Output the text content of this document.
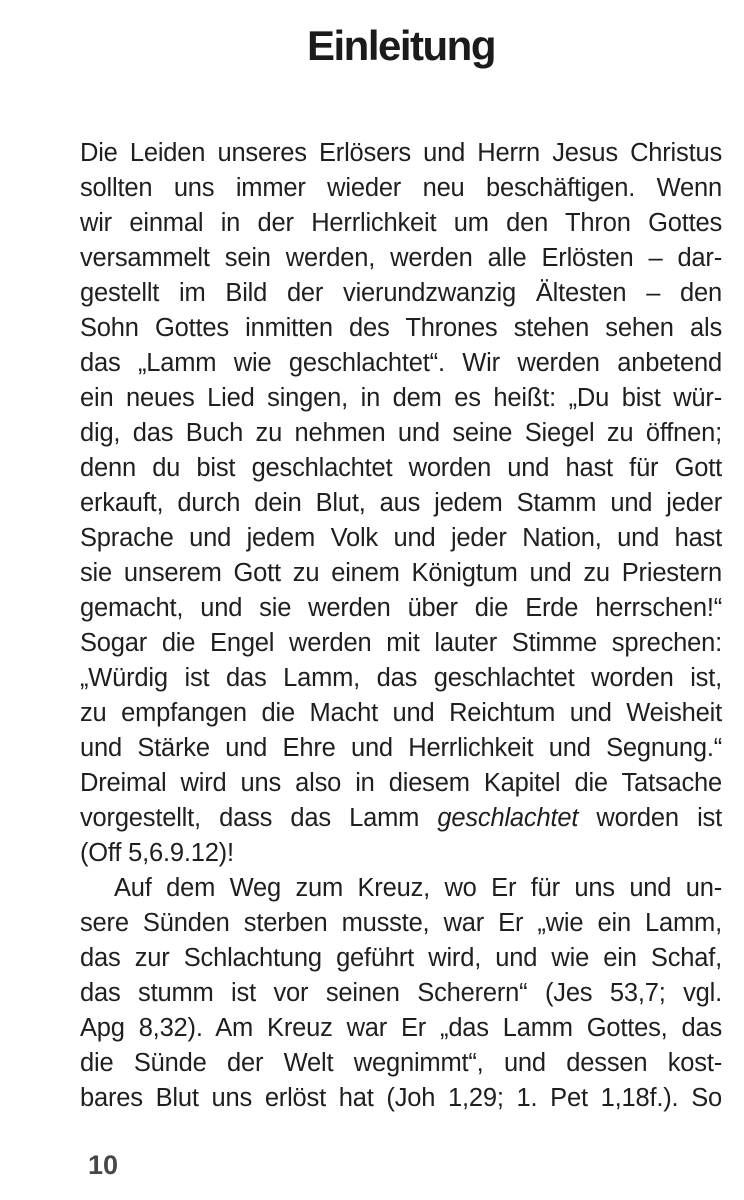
Einleitung
Die Leiden unseres Erlösers und Herrn Jesus Christus
sollten uns immer wieder neu beschäftigen. Wenn
wir einmal in der Herrlichkeit um den Thron Gottes
versammelt sein werden, werden alle Erlösten – dar-
gestellt im Bild der vierundzwanzig Ältesten – den
Sohn Gottes inmitten des Thrones stehen sehen als
das „Lamm wie geschlachtet“. Wir werden anbetend
ein neues Lied singen, in dem es heißt: „Du bist wür-
dig, das Buch zu nehmen und seine Siegel zu öffnen;
denn du bist geschlachtet worden und hast für Gott
erkauft, durch dein Blut, aus jedem Stamm und jeder
Sprache und jedem Volk und jeder Nation, und hast
sie unserem Gott zu einem Königtum und zu Priestern
gemacht, und sie werden über die Erde herrschen!“
Sogar die Engel werden mit lauter Stimme sprechen:
„Würdig ist das Lamm, das geschlachtet worden ist,
zu empfangen die Macht und Reichtum und Weisheit
und Stärke und Ehre und Herrlichkeit und Segnung.“
Dreimal wird uns also in diesem Kapitel die Tatsache
vorgestellt, dass das Lamm geschlachtet worden ist
(Off 5,6.9.12)!
Auf dem Weg zum Kreuz, wo Er für uns und un-
sere Sünden sterben musste, war Er „wie ein Lamm,
das zur Schlachtung geführt wird, und wie ein Schaf,
das stumm ist vor seinen Scherern“ (Jes 53,7; vgl.
Apg 8,32). Am Kreuz war Er „das Lamm Gottes, das
die Sünde der Welt wegnimmt“, und dessen kost-
bares Blut uns erlöst hat (Joh 1,29; 1. Pet 1,18f.). So
10
